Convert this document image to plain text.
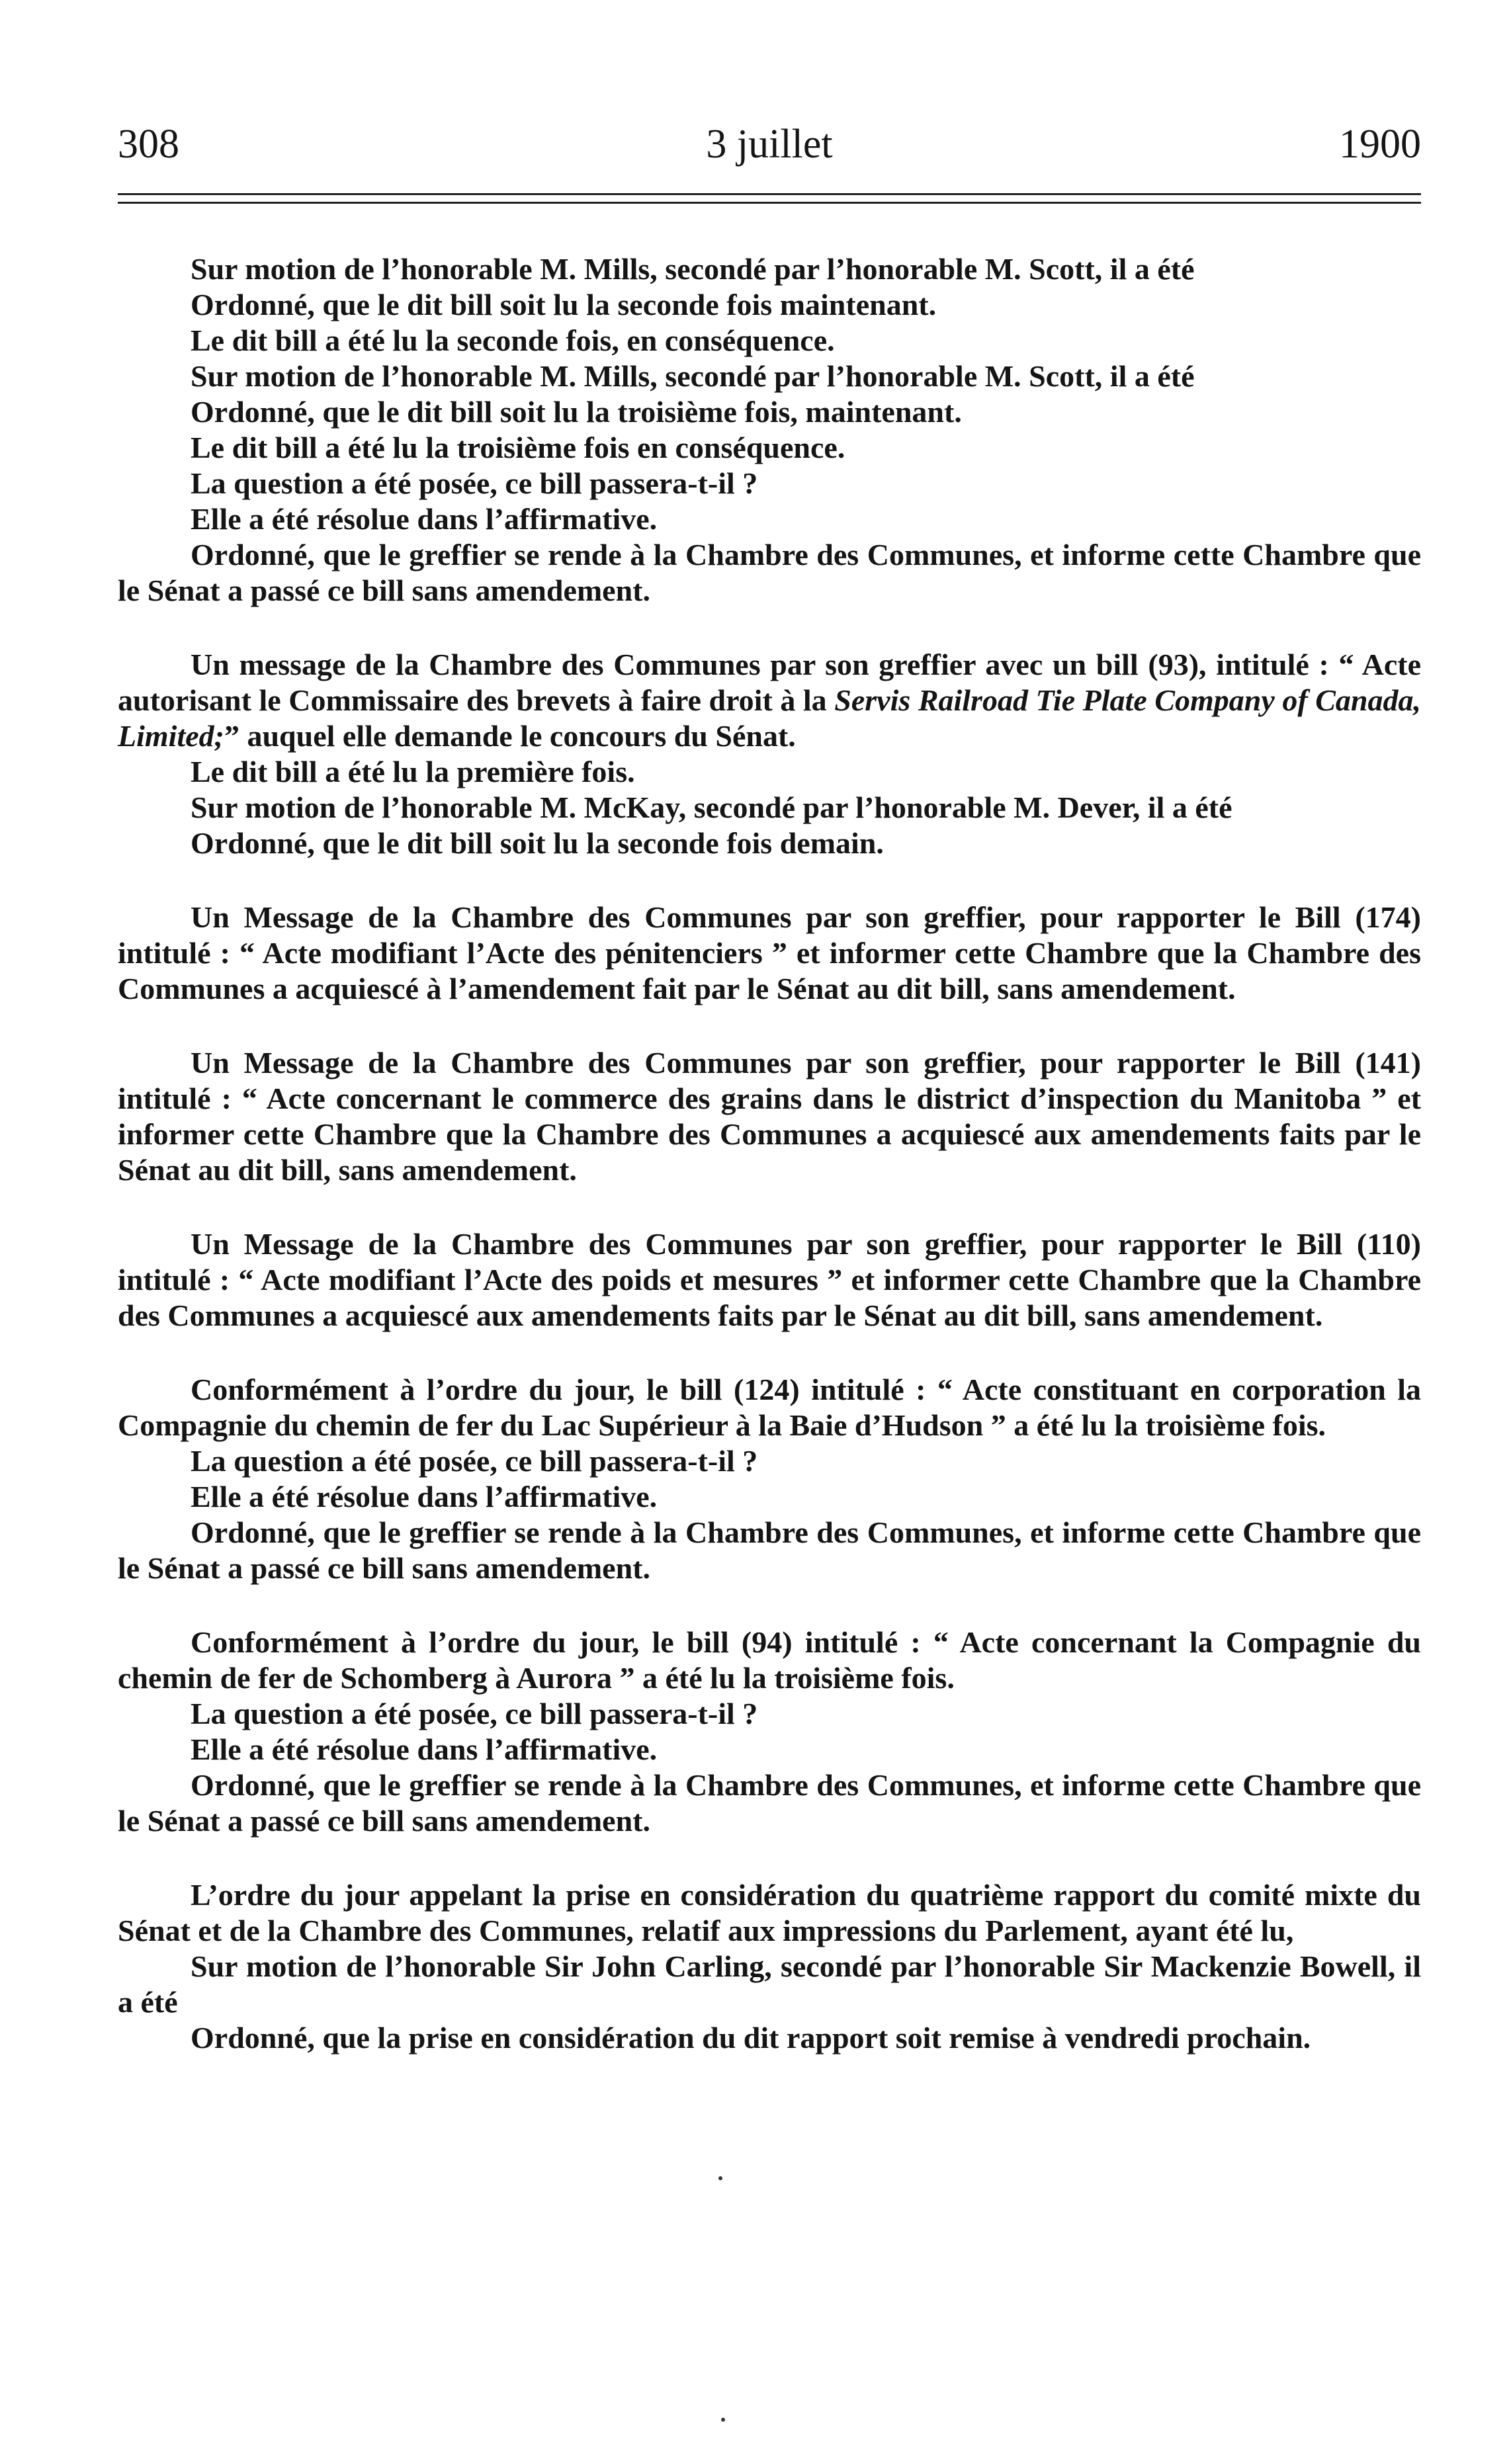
308	3 juillet	1900

Sur motion de l’honorable M. Mills, secondé par l’honorable M. Scott, il a été

Ordonné, que le dit bill soit lu la seconde fois maintenant.

Le dit bill a été lu la seconde fois, en conséquence.

Sur motion de l’honorable M. Mills, secondé par l’honorable M. Scott, il a été

Ordonné, que le dit bill soit lu la troisième fois, maintenant.

Le dit bill a été lu la troisième fois en conséquence.

La question a été posée, ce bill passera-t-il ?

Elle a été résolue dans l’affirmative.

Ordonné, que le greffier se rende à la Chambre des Communes, et informe cette Chambre que le Sénat a passé ce bill sans amendement.

Un message de la Chambre des Communes par son greffier avec un bill (93), intitulé : “ Acte autorisant le Commissaire des brevets à faire droit à la Servis Railroad Tie Plate Company of Canada, Limited;” auquel elle demande le concours du Sénat.

Le dit bill a été lu la première fois.

Sur motion de l’honorable M. McKay, secondé par l’honorable M. Dever, il a été

Ordonné, que le dit bill soit lu la seconde fois demain.

Un Message de la Chambre des Communes par son greffier, pour rapporter le Bill (174) intitulé : “ Acte modifiant l’Acte des pénitenciers ” et informer cette Chambre que la Chambre des Communes a acquiescé à l’amendement fait par le Sénat au dit bill, sans amendement.

Un Message de la Chambre des Communes par son greffier, pour rapporter le Bill (141) intitulé : “ Acte concernant le commerce des grains dans le district d’inspection du Manitoba ” et informer cette Chambre que la Chambre des Communes a acquiescé aux amendements faits par le Sénat au dit bill, sans amendement.

Un Message de la Chambre des Communes par son greffier, pour rapporter le Bill (110) intitulé : “ Acte modifiant l’Acte des poids et mesures ” et informer cette Chambre que la Chambre des Communes a acquiescé aux amendements faits par le Sénat au dit bill, sans amendement.

Conformément à l’ordre du jour, le bill (124) intitulé : “ Acte constituant en corporation la Compagnie du chemin de fer du Lac Supérieur à la Baie d’Hudson ” a été lu la troisième fois.

La question a été posée, ce bill passera-t-il ?

Elle a été résolue dans l’affirmative.

Ordonné, que le greffier se rende à la Chambre des Communes, et informe cette Chambre que le Sénat a passé ce bill sans amendement.

Conformément à l’ordre du jour, le bill (94) intitulé : “ Acte concernant la Compagnie du chemin de fer de Schomberg à Aurora ” a été lu la troisième fois.

La question a été posée, ce bill passera-t-il ?

Elle a été résolue dans l’affirmative.

Ordonné, que le greffier se rende à la Chambre des Communes, et informe cette Chambre que le Sénat a passé ce bill sans amendement.

L’ordre du jour appelant la prise en considération du quatrième rapport du comité mixte du Sénat et de la Chambre des Communes, relatif aux impressions du Parlement, ayant été lu,

Sur motion de l’honorable Sir John Carling, secondé par l’honorable Sir Mackenzie Bowell, il a été

Ordonné, que la prise en considération du dit rapport soit remise à vendredi prochain.
